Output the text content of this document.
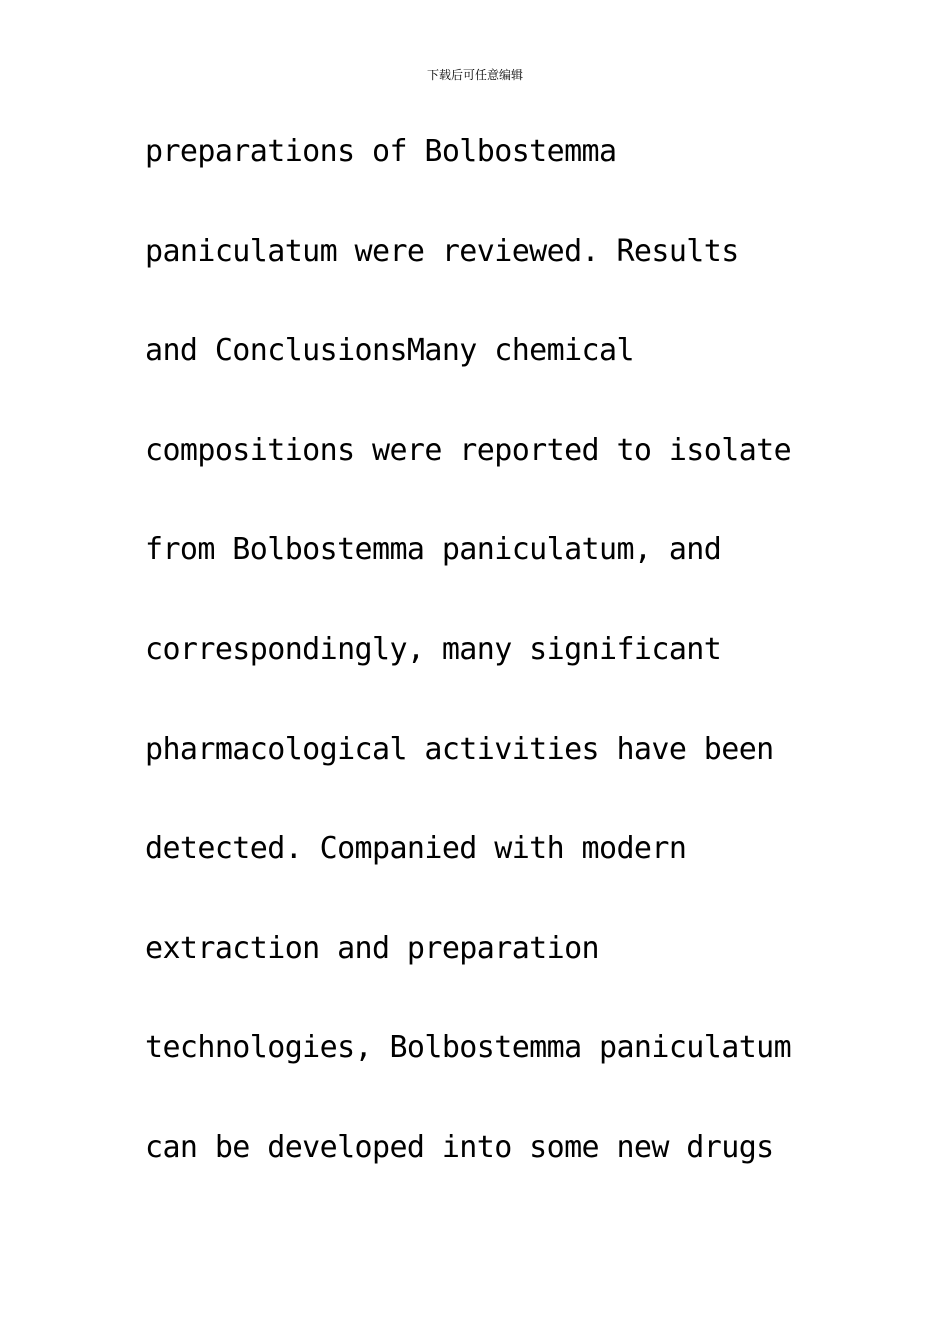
下载后可任意编辑
preparations of Bolbostemma
paniculatum were reviewed. Results
and ConclusionsMany chemical
compositions were reported to isolate
from Bolbostemma paniculatum, and
correspondingly, many significant
pharmacological activities have been
detected. Companied with modern
extraction and preparation
technologies, Bolbostemma paniculatum
can be developed into some new drugs
